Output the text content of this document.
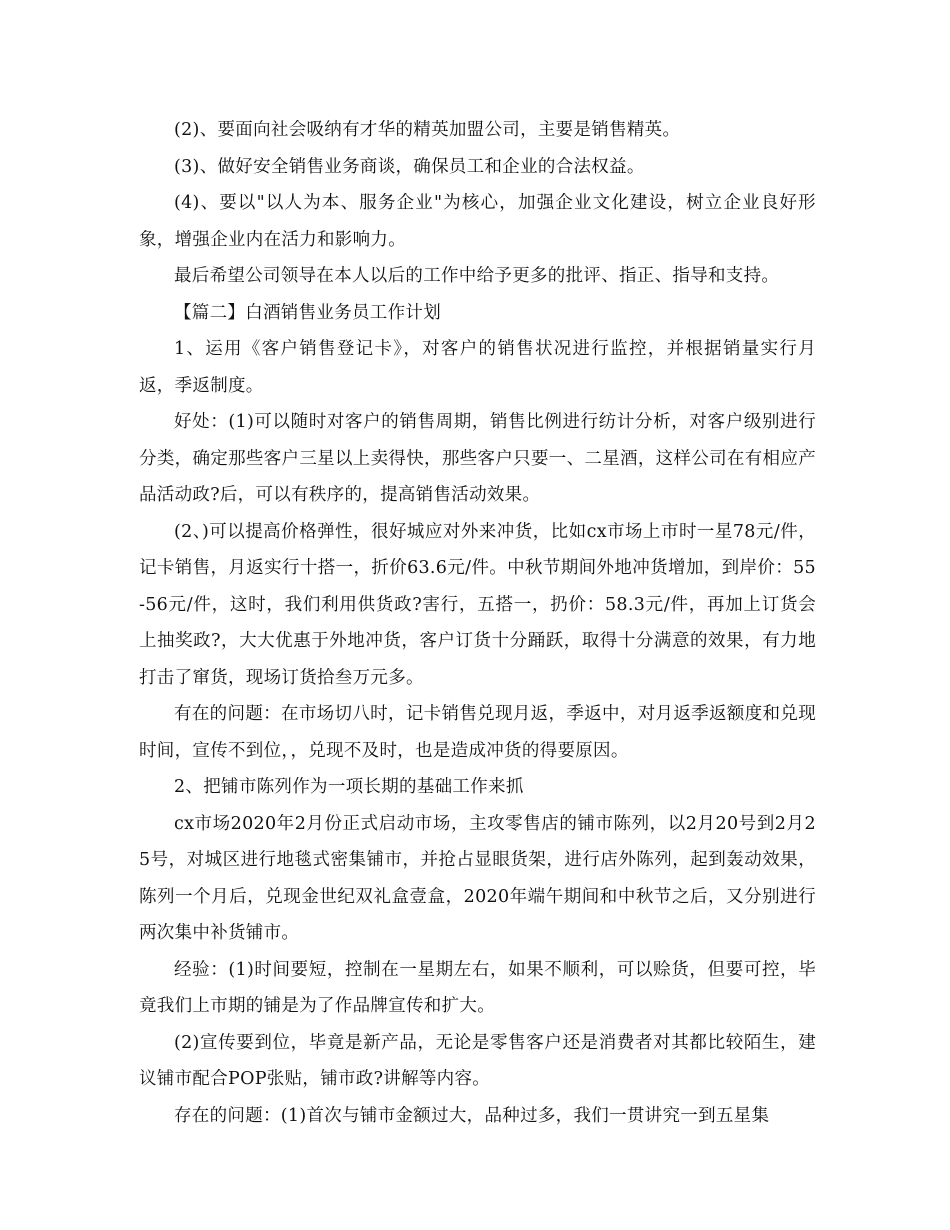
(2)、要面向社会吸纳有才华的精英加盟公司，主要是销售精英。

(3)、做好安全销售业务商谈，确保员工和企业的合法权益。

(4)、要以"以人为本、服务企业"为核心，加强企业文化建设，树立企业良好形象，增强企业内在活力和影响力。

最后希望公司领导在本人以后的工作中给予更多的批评、指正、指导和支持。

【篇二】白酒销售业务员工作计划

1、运用《客户销售登记卡》，对客户的销售状况进行监控，并根据销量实行月返，季返制度。

好处：(1)可以随时对客户的销售周期，销售比例进行纺计分析，对客户级别进行分类，确定那些客户三星以上卖得快，那些客户只要一、二星酒，这样公司在有相应产品活动政?后，可以有秩序的，提高销售活动效果。

(2、)可以提高价格弹性，很好城应对外来冲货，比如cx市场上市时一星78元/件，记卡销售，月返实行十搭一，折价63.6元/件。中秋节期间外地冲货增加，到岸价：55-56元/件，这时，我们利用供货政?害行，五搭一，扔价：58.3元/件，再加上订货会上抽奖政?，大大优惠于外地冲货，客户订货十分踊跃，取得十分满意的效果，有力地打击了窜货，现场订货拾叁万元多。

有在的问题：在市场切八时，记卡销售兑现月返，季返中，对月返季返额度和兑现时间，宣传不到位，，兑现不及时，也是造成冲货的得要原因。

2、把铺市陈列作为一项长期的基础工作来抓

cx市场2020年2月份正式启动市场，主攻零售店的铺市陈列，以2月20号到2月25号，对城区进行地毯式密集铺市，并抢占显眼货架，进行店外陈列，起到轰动效果，陈列一个月后，兑现金世纪双礼盒壹盒，2020年端午期间和中秋节之后，又分别进行两次集中补货铺市。

经验：(1)时间要短，控制在一星期左右，如果不顺利，可以赊货，但要可控，毕竟我们上市期的铺是为了作品牌宣传和扩大。

(2)宣传要到位，毕竟是新产品，无论是零售客户还是消费者对其都比较陌生，建议铺市配合POP张贴，铺市政?讲解等内容。

存在的问题：(1)首次与铺市金额过大，品种过多，我们一贯讲究一到五星集
